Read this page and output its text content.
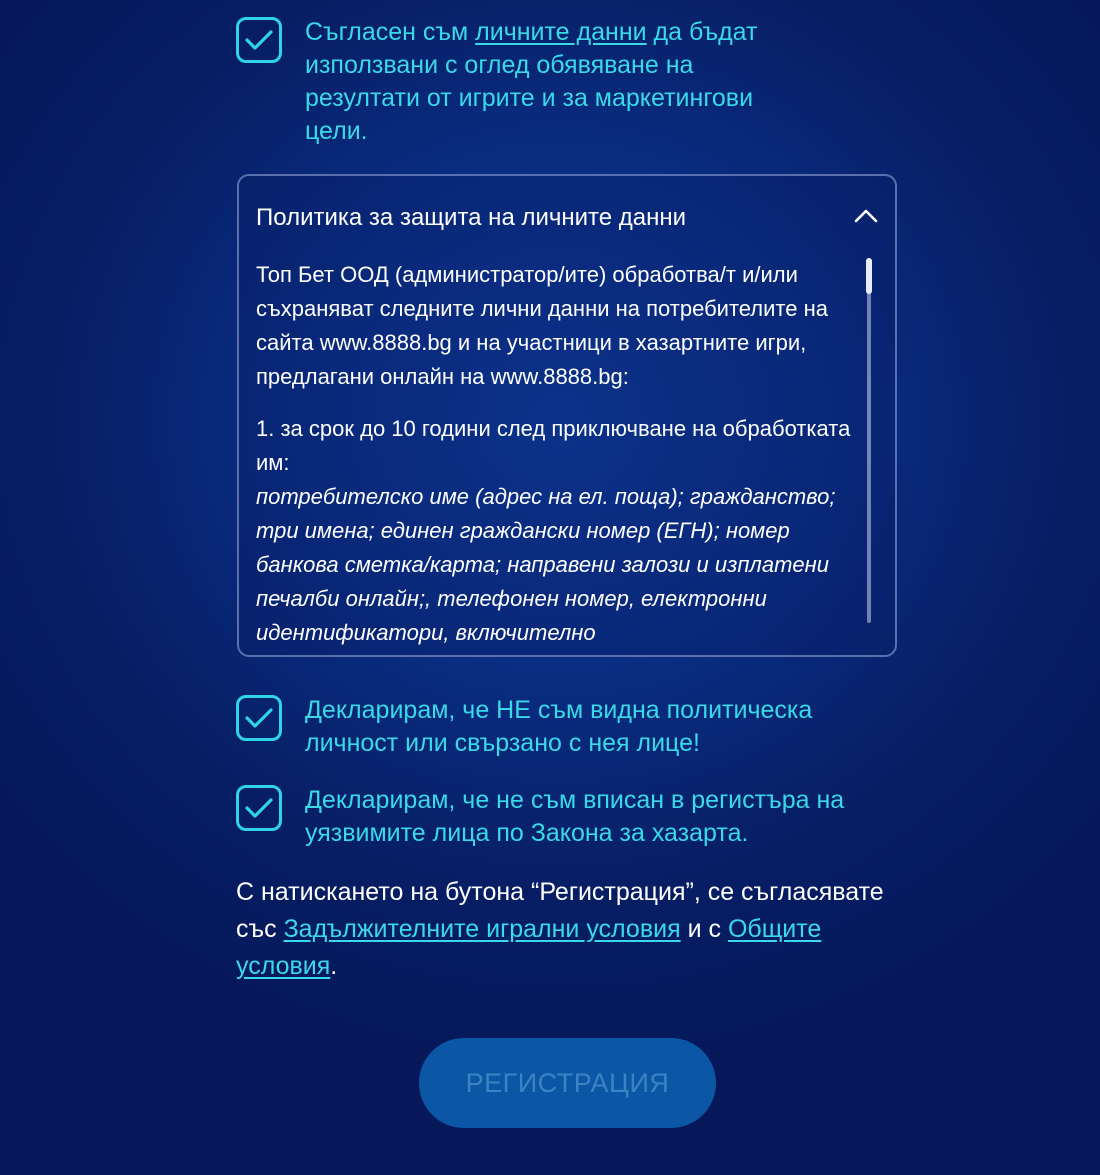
Съгласен съм личните данни да бъдат използвани с оглед обявяване на резултати от игрите и за маркетингови цели.
Политика за защита на личните данни

Топ Бет ООД (администратор/ите) обработва/т и/или съхраняват следните лични данни на потребителите на сайта www.8888.bg и на участници в хазартните игри, предлагани онлайн на www.8888.bg:

1. за срок до 10 години след приключване на обработката им:
потребителско име (адрес на ел. поща); гражданство; три имена; единен граждански номер (ЕГН); номер банкова сметка/карта; направени залози и изплатени печалби онлайн;, телефонен номер, електронни идентификатори, включително

Декларирам, че НЕ съм видна политическа личност или свързано с нея лице!
Декларирам, че не съм вписан в регистъра на уязвимите лица по Закона за хазарта.
С натискането на бутона “Регистрация”, се съгласявате със Задължителните игрални условия и с Общите условия.
РЕГИСТРАЦИЯ
